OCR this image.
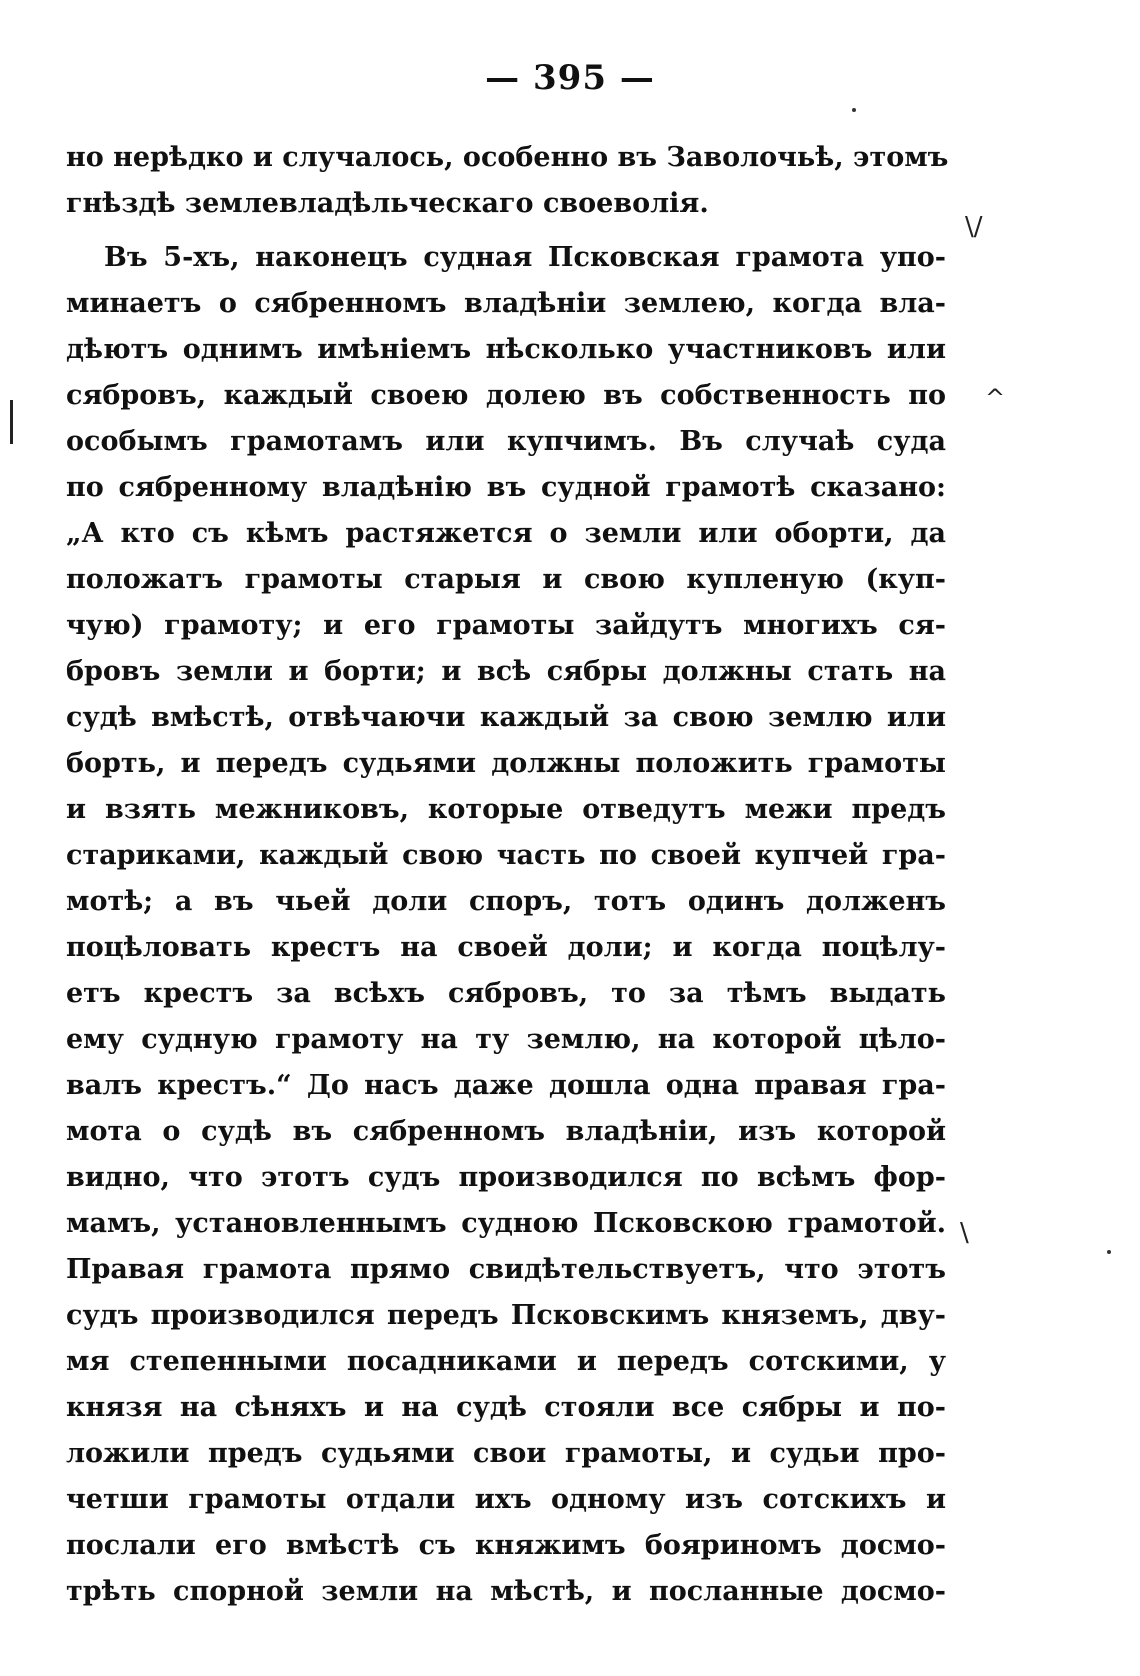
— 395 —
но нерѣдко и случалось, особенно въ Заволочьѣ, этомъ
гнѣздѣ землевладѣльческаго своеволія.
Въ 5-хъ, наконецъ судная Псковская грамота упо-
минаетъ о сябренномъ владѣніи землею, когда вла-
дѣютъ однимъ имѣніемъ нѣсколько участниковъ или
сябровъ, каждый своею долею въ собственность по
особымъ грамотамъ или купчимъ. Въ случаѣ суда
по сябренному владѣнію въ судной грамотѣ сказано:
„А кто съ кѣмъ растяжется о земли или оборти, да
положатъ грамоты старыя и свою купленую (куп-
чую) грамоту; и его грамоты зайдутъ многихъ ся-
бровъ земли и борти; и всѣ сябры должны стать на
судѣ вмѣстѣ, отвѣчаючи каждый за свою землю или
борть, и передъ судьями должны положить грамоты
и взять межниковъ, которые отведутъ межи предъ
стариками, каждый свою часть по своей купчей гра-
мотѣ; а въ чьей доли споръ, тотъ одинъ долженъ
поцѣловать крестъ на своей доли; и когда поцѣлу-
етъ крестъ за всѣхъ сябровъ, то за тѣмъ выдать
ему судную грамоту на ту землю, на которой цѣло-
валъ крестъ.“ До насъ даже дошла одна правая гра-
мота о судѣ въ сябренномъ владѣніи, изъ которой
видно, что этотъ судъ производился по всѣмъ фор-
мамъ, установленнымъ судною Псковскою грамотой.
Правая грамота прямо свидѣтельствуетъ, что этотъ
судъ производился передъ Псковскимъ княземъ, дву-
мя степенными посадниками и передъ сотскими, у
князя на сѣняхъ и на судѣ стояли все сябры и по-
ложили предъ судьями свои грамоты, и судьи про-
четши грамоты отдали ихъ одному изъ сотскихъ и
послали его вмѣстѣ съ княжимъ бояриномъ досмо-
трѣть спорной земли на мѣстѣ, и посланные досмо-
\/
^
\
